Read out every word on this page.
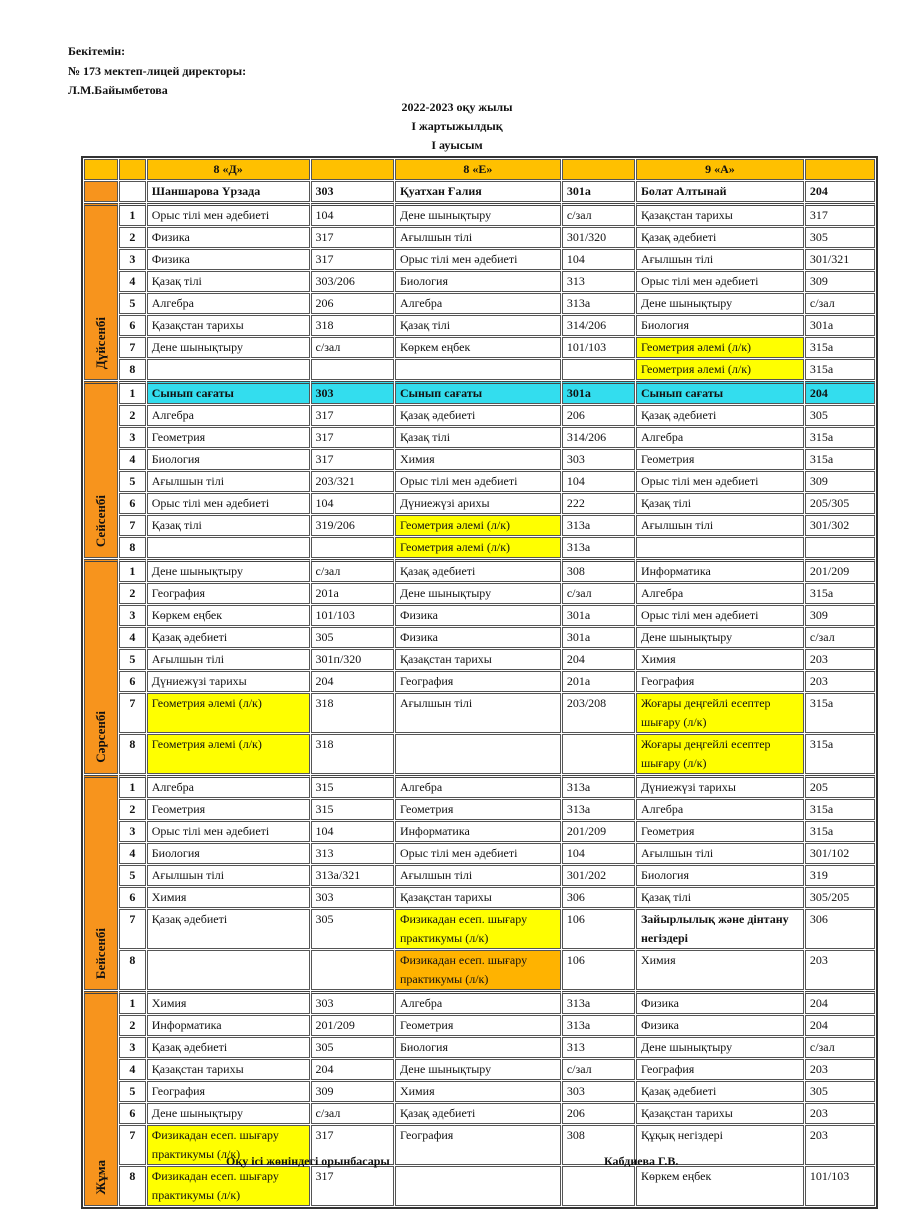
Бекітемін:
№ 173 мектеп-лицей директоры:
Л.М.Байымбетова
2022-2023 оқу жылы
І жартыжылдық
І ауысым
		8 «Д»		8 «Е»		9 «А»	
		Шаншарова Үрзада	303	Қуатхан Ғалия	301а	Болат Алтынай	204
Дүйсенбі	1	Орыс тілі мен әдебиеті	104	Дене шынықтыру	с/зал	Қазақстан тарихы	317
	2	Физика	317	Ағылшын тілі	301/320	Қазақ әдебиеті	305
	3	Физика	317	Орыс тілі мен әдебиеті	104	Ағылшын тілі	301/321
	4	Қазақ тілі	303/206	Биология	313	Орыс тілі мен әдебиеті	309
	5	Алгебра	206	Алгебра	313а	Дене шынықтыру	с/зал
	6	Қазақстан тарихы	318	Қазақ тілі	314/206	Биология	301а
	7	Дене шынықтыру	с/зал	Көркем еңбек	101/103	Геометрия әлемі (л/к)	315а
	8					Геометрия әлемі (л/к)	315а
Сейсенбі	1	Сынып сағаты	303	Сынып сағаты	301а	Сынып сағаты	204
	2	Алгебра	317	Қазақ әдебиеті	206	Қазақ әдебиеті	305
	3	Геометрия	317	Қазақ тілі	314/206	Алгебра	315а
	4	Биология	317	Химия	303	Геометрия	315а
	5	Ағылшын тілі	203/321	Орыс тілі мен әдебиеті	104	Орыс тілі мен әдебиеті	309
	6	Орыс тілі мен әдебиеті	104	Дүниежүзі арихы	222	Қазақ тілі	205/305
	7	Қазақ тілі	319/206	Геометрия әлемі (л/к)	313а	Ағылшын тілі	301/302
	8			Геометрия әлемі (л/к)	313а		
Сәрсенбі	1	Дене шынықтыру	с/зал	Қазақ әдебиеті	308	Информатика	201/209
	2	География	201а	Дене шынықтыру	с/зал	Алгебра	315а
	3	Көркем еңбек	101/103	Физика	301а	Орыс тілі мен әдебиеті	309
	4	Қазақ әдебиеті	305	Физика	301а	Дене шынықтыру	с/зал
	5	Ағылшын тілі	301п/320	Қазақстан тарихы	204	Химия	203
	6	Дүниежүзі тарихы	204	География	201а	География	203
	7	Геометрия әлемі (л/к)	318	Ағылшын тілі	203/208	Жоғары деңгейлі есептер шығару (л/к)	315а
	8	Геометрия әлемі (л/к)	318			Жоғары деңгейлі есептер шығару (л/к)	315а
Бейсенбі	1	Алгебра	315	Алгебра	313а	Дүниежүзі тарихы	205
	2	Геометрия	315	Геометрия	313а	Алгебра	315а
	3	Орыс тілі мен әдебиеті	104	Информатика	201/209	Геометрия	315а
	4	Биология	313	Орыс тілі мен әдебиеті	104	Ағылшын тілі	301/102
	5	Ағылшын тілі	313а/321	Ағылшын тілі	301/202	Биология	319
	6	Химия	303	Қазақстан тарихы	306	Қазақ тілі	305/205
	7	Қазақ әдебиеті	305	Физикадан есеп. шығару практикумы (л/к)	106	Зайырлылық және дінтану негіздері	306
	8			Физикадан есеп. шығару практикумы (л/к)	106	Химия	203
Жұма	1	Химия	303	Алгебра	313а	Физика	204
	2	Информатика	201/209	Геометрия	313а	Физика	204
	3	Қазақ әдебиеті	305	Биология	313	Дене шынықтыру	с/зал
	4	Қазақстан тарихы	204	Дене шынықтыру	с/зал	География	203
	5	География	309	Химия	303	Қазақ әдебиеті	305
	6	Дене шынықтыру	с/зал	Қазақ әдебиеті	206	Қазақстан тарихы	203
	7	Физикадан есеп. шығару практикумы (л/к)	317	География	308	Құқық негіздері	203
	8	Физикадан есеп. шығару практикумы (л/к)	317			Көркем еңбек	101/103
Оқу ісі жөніндегі орынбасары	Кабдиева Г.В.
